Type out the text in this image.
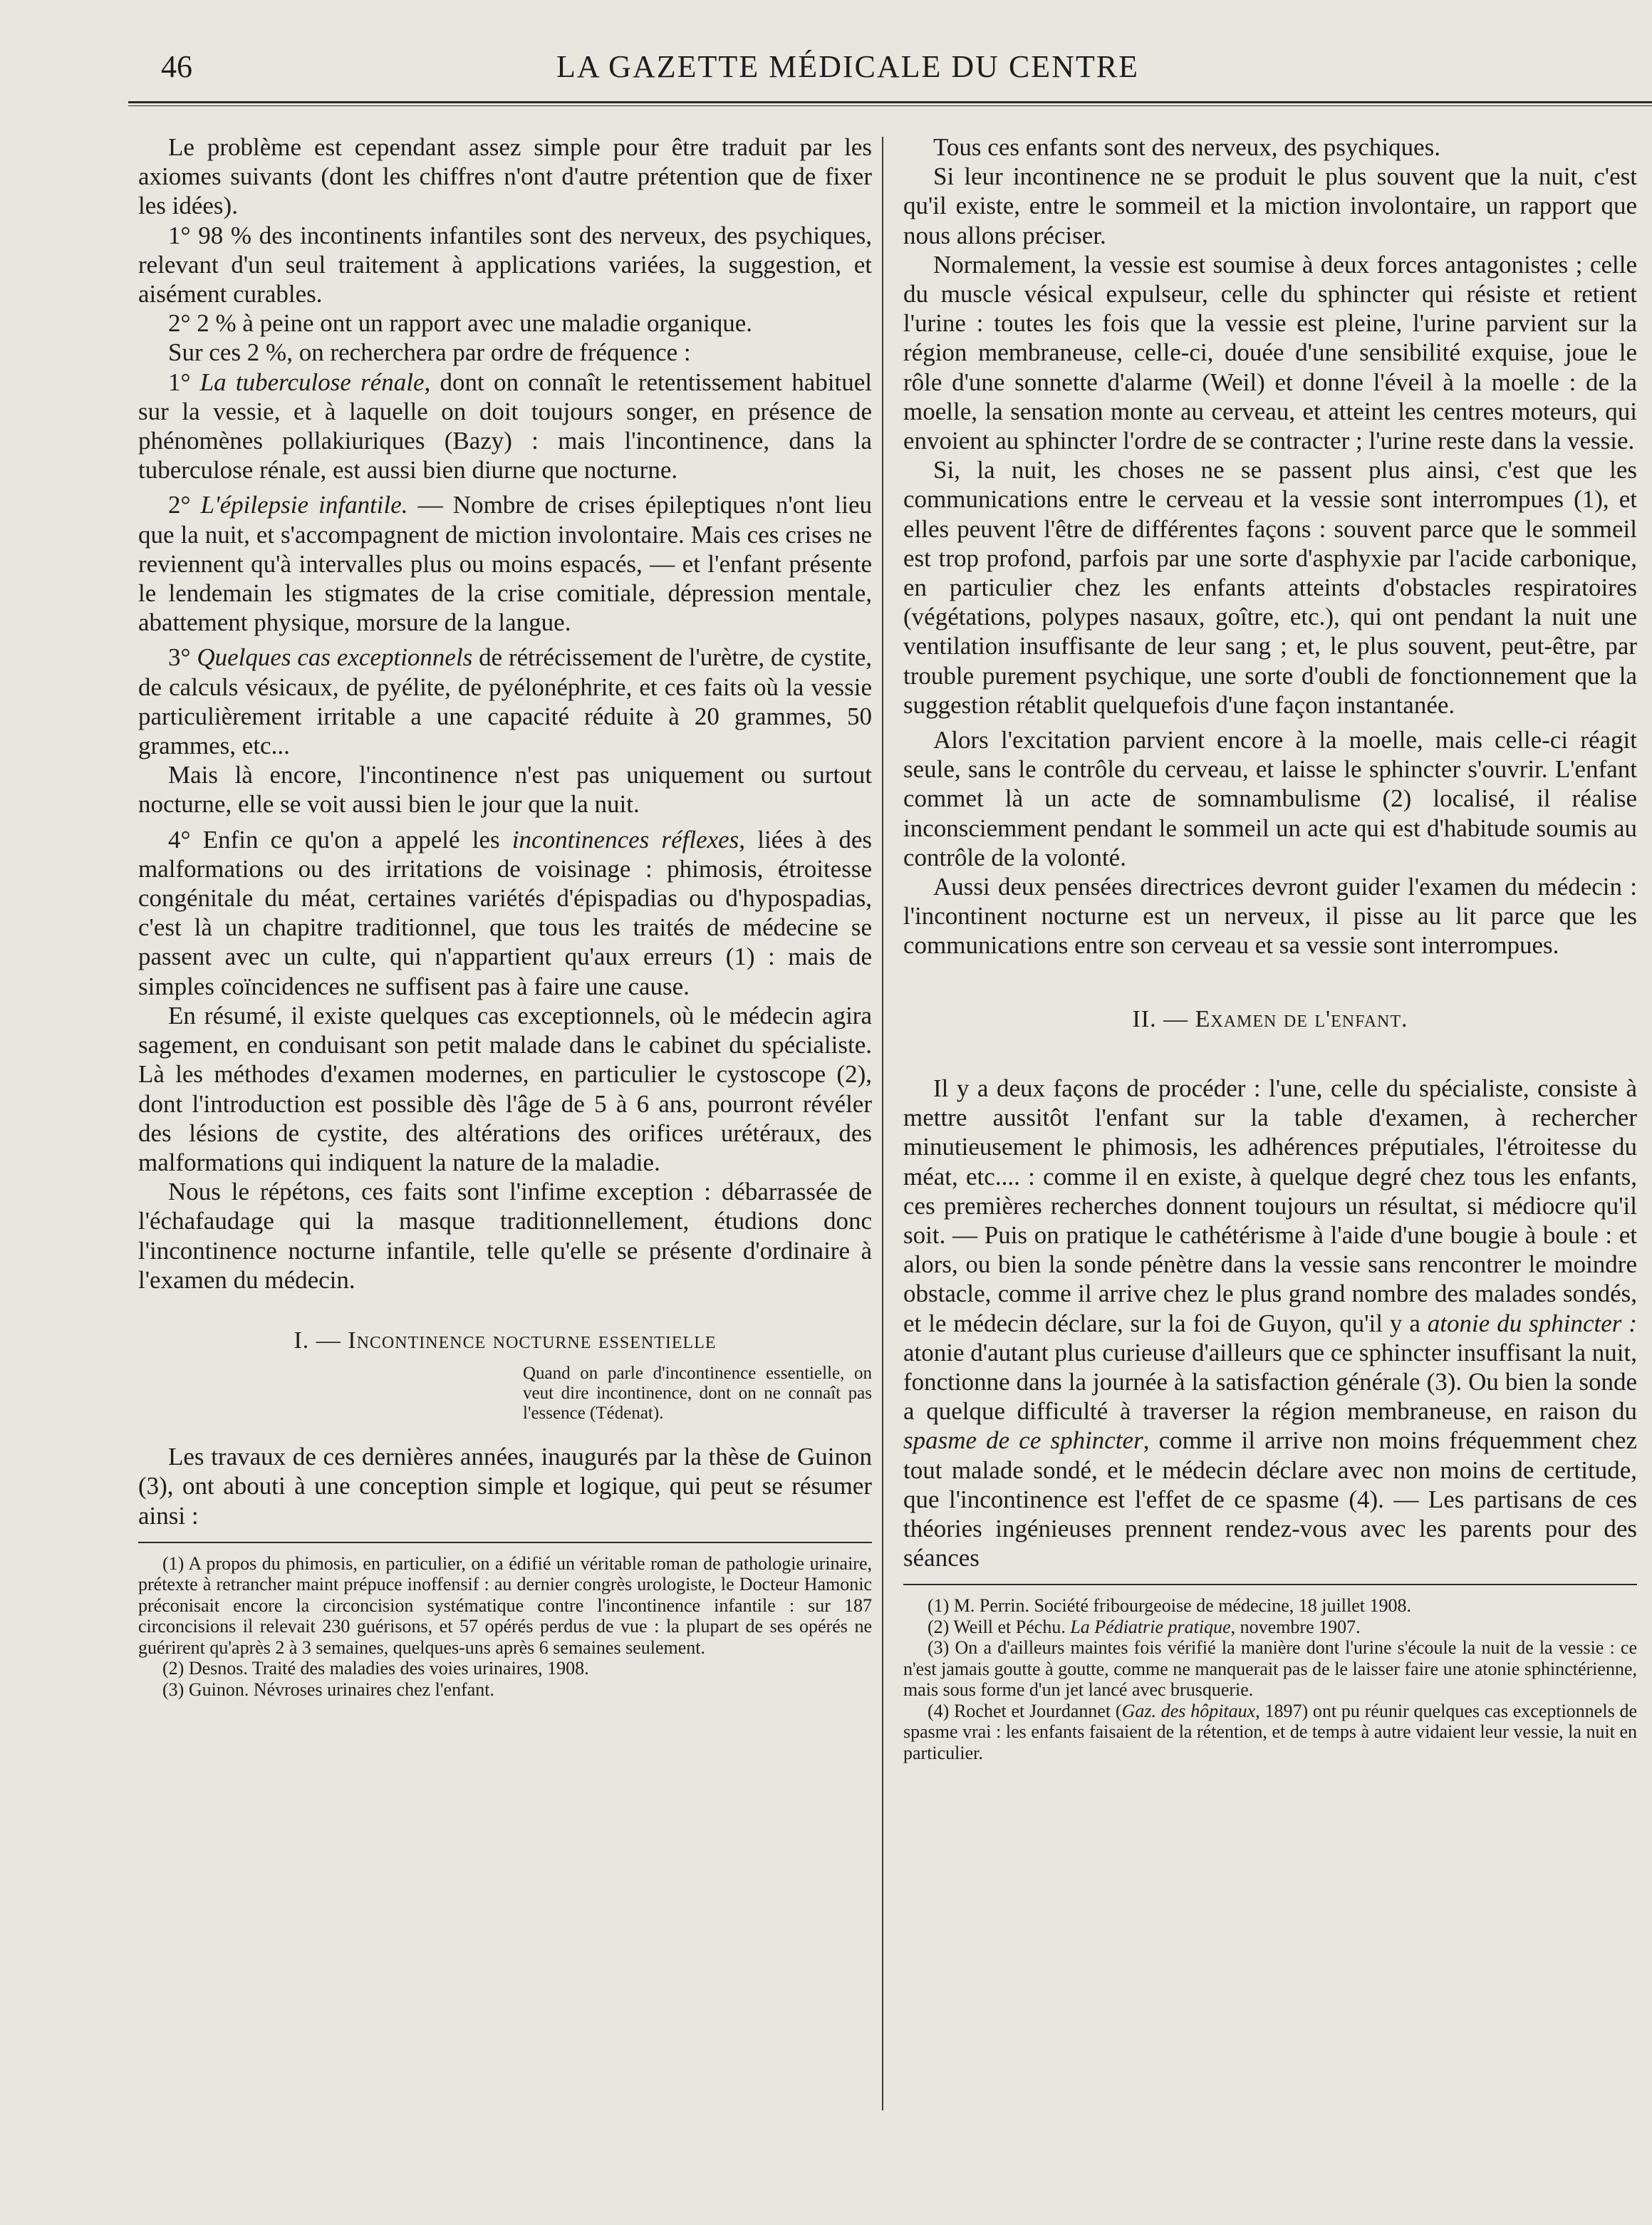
46	LA GAZETTE MÉDICALE DU CENTRE

Le problème est cependant assez simple pour être traduit par les axiomes suivants (dont les chiffres n'ont d'autre prétention que de fixer les idées).

1° 98 % des incontinents infantiles sont des nerveux, des psychiques, relevant d'un seul traitement à applications variées, la suggestion, et aisément curables.

2° 2 % à peine ont un rapport avec une maladie organique.

Sur ces 2 %, on recherchera par ordre de fréquence :

1° La tuberculose rénale, dont on connaît le retentissement habituel sur la vessie, et à laquelle on doit toujours songer, en présence de phénomènes pollakiuriques (Bazy) : mais l'incontinence, dans la tuberculose rénale, est aussi bien diurne que nocturne.

2° L'épilepsie infantile. — Nombre de crises épileptiques n'ont lieu que la nuit, et s'accompagnent de miction involontaire. Mais ces crises ne reviennent qu'à intervalles plus ou moins espacés, — et l'enfant présente le lendemain les stigmates de la crise comitiale, dépression mentale, abattement physique, morsure de la langue.

3° Quelques cas exceptionnels de rétrécissement de l'urètre, de cystite, de calculs vésicaux, de pyélite, de pyélonéphrite, et ces faits où la vessie particulièrement irritable a une capacité réduite à 20 grammes, 50 grammes, etc...

Mais là encore, l'incontinence n'est pas uniquement ou surtout nocturne, elle se voit aussi bien le jour que la nuit.

4° Enfin ce qu'on a appelé les incontinences réflexes, liées à des malformations ou des irritations de voisinage : phimosis, étroitesse congénitale du méat, certaines variétés d'épispadias ou d'hypospadias, c'est là un chapitre traditionnel, que tous les traités de médecine se passent avec un culte, qui n'appartient qu'aux erreurs (1) : mais de simples coïncidences ne suffisent pas à faire une cause.

En résumé, il existe quelques cas exceptionnels, où le médecin agira sagement, en conduisant son petit malade dans le cabinet du spécialiste. Là les méthodes d'examen modernes, en particulier le cystoscope (2), dont l'introduction est possible dès l'âge de 5 à 6 ans, pourront révéler des lésions de cystite, des altérations des orifices urétéraux, des malformations qui indiquent la nature de la maladie.

Nous le répétons, ces faits sont l'infime exception : débarrassée de l'échafaudage qui la masque traditionnellement, étudions donc l'incontinence nocturne infantile, telle qu'elle se présente d'ordinaire à l'examen du médecin.

I. — Incontinence nocturne essentielle
Quand on parle d'incontinence essentielle, on veut dire incontinence, dont on ne connaît pas l'essence (Tédenat).

Les travaux de ces dernières années, inaugurés par la thèse de Guinon (3), ont abouti à une conception simple et logique, qui peut se résumer ainsi :

(1) A propos du phimosis, en particulier, on a édifié un véritable roman de pathologie urinaire, prétexte à retrancher maint prépuce inoffensif : au dernier congrès urologiste, le Docteur Hamonic préconisait encore la circoncision systématique contre l'incontinence infantile : sur 187 circoncisions il relevait 230 guérisons, et 57 opérés perdus de vue : la plupart de ses opérés ne guérirent qu'après 2 à 3 semaines, quelques-uns après 6 semaines seulement.

(2) Desnos. Traité des maladies des voies urinaires, 1908.

(3) Guinon. Névroses urinaires chez l'enfant.

Tous ces enfants sont des nerveux, des psychiques.

Si leur incontinence ne se produit le plus souvent que la nuit, c'est qu'il existe, entre le sommeil et la miction involontaire, un rapport que nous allons préciser.

Normalement, la vessie est soumise à deux forces antagonistes ; celle du muscle vésical expulseur, celle du sphincter qui résiste et retient l'urine : toutes les fois que la vessie est pleine, l'urine parvient sur la région membraneuse, celle-ci, douée d'une sensibilité exquise, joue le rôle d'une sonnette d'alarme (Weil) et donne l'éveil à la moelle : de la moelle, la sensation monte au cerveau, et atteint les centres moteurs, qui envoient au sphincter l'ordre de se contracter ; l'urine reste dans la vessie.

Si, la nuit, les choses ne se passent plus ainsi, c'est que les communications entre le cerveau et la vessie sont interrompues (1), et elles peuvent l'être de différentes façons : souvent parce que le sommeil est trop profond, parfois par une sorte d'asphyxie par l'acide carbonique, en particulier chez les enfants atteints d'obstacles respiratoires (végétations, polypes nasaux, goître, etc.), qui ont pendant la nuit une ventilation insuffisante de leur sang ; et, le plus souvent, peut-être, par trouble purement psychique, une sorte d'oubli de fonctionnement que la suggestion rétablit quelquefois d'une façon instantanée.

Alors l'excitation parvient encore à la moelle, mais celle-ci réagit seule, sans le contrôle du cerveau, et laisse le sphincter s'ouvrir. L'enfant commet là un acte de somnambulisme (2) localisé, il réalise inconsciemment pendant le sommeil un acte qui est d'habitude soumis au contrôle de la volonté.

Aussi deux pensées directrices devront guider l'examen du médecin : l'incontinent nocturne est un nerveux, il pisse au lit parce que les communications entre son cerveau et sa vessie sont interrompues.

II. — Examen de l'enfant.

Il y a deux façons de procéder : l'une, celle du spécialiste, consiste à mettre aussitôt l'enfant sur la table d'examen, à rechercher minutieusement le phimosis, les adhérences préputiales, l'étroitesse du méat, etc.... : comme il en existe, à quelque degré chez tous les enfants, ces premières recherches donnent toujours un résultat, si médiocre qu'il soit. — Puis on pratique le cathétérisme à l'aide d'une bougie à boule : et alors, ou bien la sonde pénètre dans la vessie sans rencontrer le moindre obstacle, comme il arrive chez le plus grand nombre des malades sondés, et le médecin déclare, sur la foi de Guyon, qu'il y a atonie du sphincter : atonie d'autant plus curieuse d'ailleurs que ce sphincter insuffisant la nuit, fonctionne dans la journée à la satisfaction générale (3). Ou bien la sonde a quelque difficulté à traverser la région membraneuse, en raison du spasme de ce sphincter, comme il arrive non moins fréquemment chez tout malade sondé, et le médecin déclare avec non moins de certitude, que l'incontinence est l'effet de ce spasme (4). — Les partisans de ces théories ingénieuses prennent rendez-vous avec les parents pour des séances

(1) M. Perrin. Société fribourgeoise de médecine, 18 juillet 1908.

(2) Weill et Péchu. La Pédiatrie pratique, novembre 1907.

(3) On a d'ailleurs maintes fois vérifié la manière dont l'urine s'écoule la nuit de la vessie : ce n'est jamais goutte à goutte, comme ne manquerait pas de le laisser faire une atonie sphinctérienne, mais sous forme d'un jet lancé avec brusquerie.

(4) Rochet et Jourdannet (Gaz. des hôpitaux, 1897) ont pu réunir quelques cas exceptionnels de spasme vrai : les enfants faisaient de la rétention, et de temps à autre vidaient leur vessie, la nuit en particulier.
